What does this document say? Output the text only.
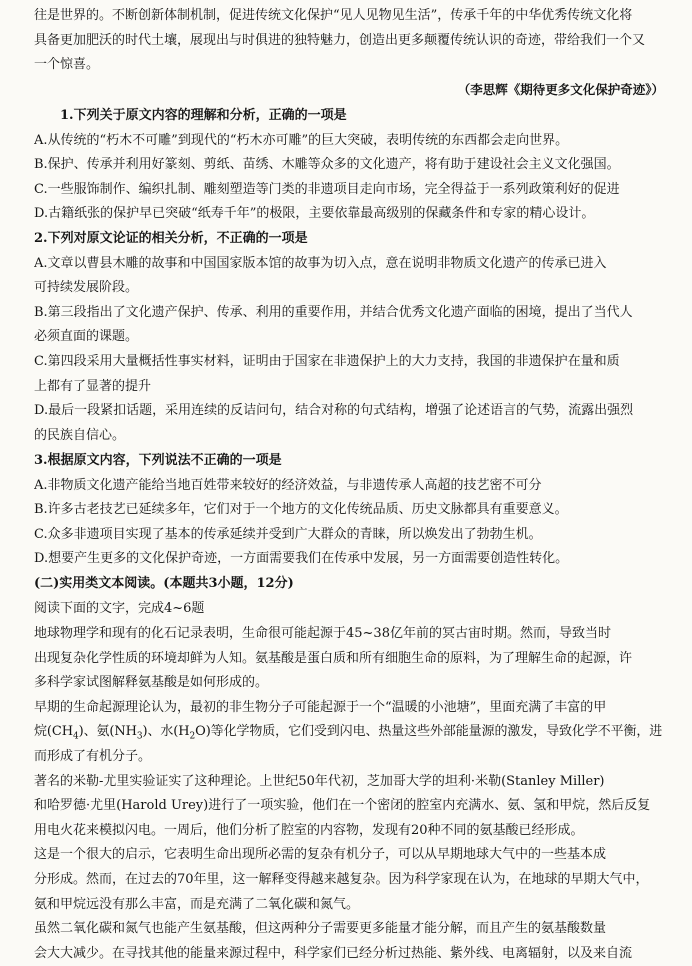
往是世界的。不断创新体制机制，促进传统文化保护“见人见物见生活”，传承千年的中华优秀传统文化将
具备更加肥沃的时代土壤，展现出与时俱进的独特魅力，创造出更多颠覆传统认识的奇迹，带给我们一个又
一个惊喜。
（李思辉《期待更多文化保护奇迹》）
1.下列关于原文内容的理解和分析，正确的一项是
A.从传统的“朽木不可雕”到现代的“朽木亦可雕”的巨大突破，表明传统的东西都会走向世界。
B.保护、传承并利用好篆刻、剪纸、苗绣、木雕等众多的文化遗产，将有助于建设社会主义文化强国。
C.一些服饰制作、编织扎制、雕刻塑造等门类的非遗项目走向市场，完全得益于一系列政策利好的促进
D.古籍纸张的保护早已突破“纸寿千年”的极限，主要依靠最高级别的保藏条件和专家的精心设计。
2.下列对原文论证的相关分析，不正确的一项是
A.文章以曹县木雕的故事和中国国家版本馆的故事为切入点，意在说明非物质文化遗产的传承已进入
可持续发展阶段。
B.第三段指出了文化遗产保护、传承、利用的重要作用，并结合优秀文化遗产面临的困境，提出了当代人
必须直面的课题。
C.第四段采用大量概括性事实材料，证明由于国家在非遗保护上的大力支持，我国的非遗保护在量和质
上都有了显著的提升
D.最后一段紧扣话题，采用连续的反诘问句，结合对称的句式结构，增强了论述语言的气势，流露出强烈
的民族自信心。
3.根据原文内容，下列说法不正确的一项是
A.非物质文化遗产能给当地百姓带来较好的经济效益，与非遗传承人高超的技艺密不可分
B.许多古老技艺已延续多年，它们对于一个地方的文化传统品质、历史文脉都具有重要意义。
C.众多非遗项目实现了基本的传承延续并受到广大群众的青睐，所以焕发出了勃勃生机。
D.想要产生更多的文化保护奇迹，一方面需要我们在传承中发展，另一方面需要创造性转化。
(二)实用类文本阅读。(本题共3小题，12分)
阅读下面的文字，完成4~6题
地球物理学和现有的化石记录表明，生命很可能起源于45~38亿年前的冥古宙时期。然而，导致当时
出现复杂化学性质的环境却鲜为人知。氨基酸是蛋白质和所有细胞生命的原料，为了理解生命的起源，许
多科学家试图解释氨基酸是如何形成的。
早期的生命起源理论认为，最初的非生物分子可能起源于一个“温暖的小池塘”，里面充满了丰富的甲
烷$(CH_4)$、氨$(NH_3)$、水$(H_2O)$等化学物质，它们受到闪电、热量这些外部能量源的激发，导致化学不平衡，进
而形成了有机分子。
著名的米勒-尤里实验证实了这种理论。上世纪50年代初，芝加哥大学的坦利·米勒(Stanley Miller)
和哈罗德·尤里(Harold Urey)进行了一项实验，他们在一个密闭的腔室内充满水、氨、氢和甲烷，然后反复
用电火花来模拟闪电。一周后，他们分析了腔室的内容物，发现有20种不同的氨基酸已经形成。
这是一个很大的启示，它表明生命出现所必需的复杂有机分子，可以从早期地球大气中的一些基本成
分形成。然而，在过去的70年里，这一解释变得越来越复杂。因为科学家现在认为，在地球的早期大气中，
氨和甲烷远没有那么丰富，而是充满了二氧化碳和氮气。
虽然二氧化碳和氮气也能产生氨基酸，但这两种分子需要更多能量才能分解，而且产生的氨基酸数量
会大大减少。在寻找其他的能量来源过程中，科学家们已经分析过热能、紫外线、电离辐射，以及来自流
